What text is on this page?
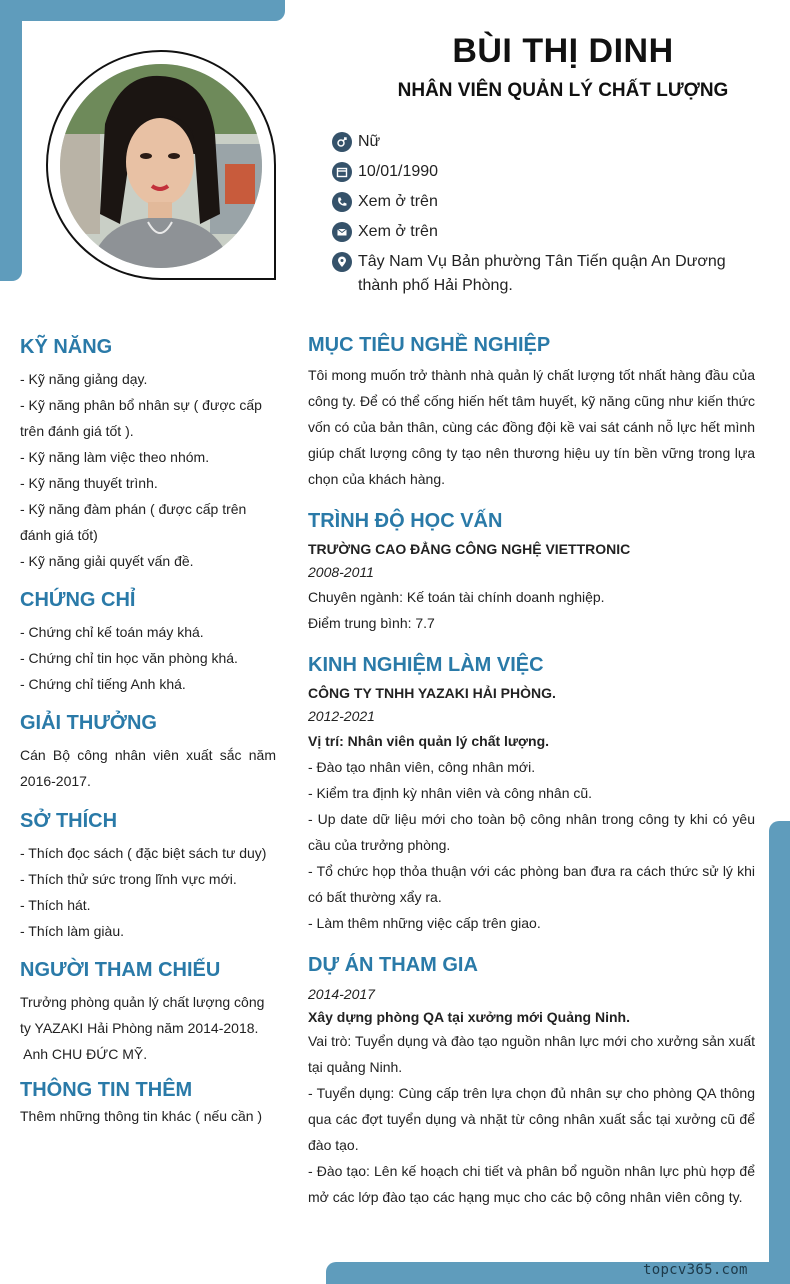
topcv365.com
BÙI THỊ DINH
NHÂN VIÊN QUẢN LÝ CHẤT LƯỢNG
Nữ
10/01/1990
Xem ở trên
Xem ở trên
Tây Nam Vụ Bản phường Tân Tiến quận An Dương thành phố Hải Phòng.
KỸ NĂNG
- Kỹ năng giảng dạy.
- Kỹ năng phân bổ nhân sự ( được cấp trên đánh giá tốt ).
- Kỹ năng làm việc theo nhóm.
- Kỹ năng thuyết trình.
- Kỹ năng đàm phán ( được cấp trên đánh giá tốt)
- Kỹ năng giải quyết vấn đề.
CHỨNG CHỈ
- Chứng chỉ kế toán máy khá.
- Chứng chỉ tin học văn phòng khá.
- Chứng chỉ tiếng Anh khá.
GIẢI THƯỞNG
Cán Bộ công nhân viên xuất sắc năm 2016-2017.
SỞ THÍCH
- Thích đọc sách ( đặc biệt sách tư duy)
- Thích thử sức trong lĩnh vực mới.
- Thích hát.
- Thích làm giàu.
NGƯỜI THAM CHIẾU
Trưởng phòng quản lý chất lượng công ty YAZAKI Hải Phòng năm 2014-2018.
Anh CHU ĐỨC MỸ.
THÔNG TIN THÊM
Thêm những thông tin khác ( nếu cần )
MỤC TIÊU NGHỀ NGHIỆP
Tôi mong muốn trở thành nhà quản lý chất lượng tốt nhất hàng đầu của công ty. Để có thể cống hiến hết tâm huyết, kỹ năng cũng như kiến thức vốn có của bản thân, cùng các đồng đội kề vai sát cánh nỗ lực hết mình giúp chất lượng công ty tạo nên thương hiệu uy tín bền vững trong lựa chọn của khách hàng.
TRÌNH ĐỘ HỌC VẤN
TRƯỜNG CAO ĐẲNG CÔNG NGHỆ VIETTRONIC
2008-2011
Chuyên ngành: Kế toán tài chính doanh nghiệp.
Điểm trung bình: 7.7
KINH NGHIỆM LÀM VIỆC
CÔNG TY TNHH YAZAKI HẢI PHÒNG.
2012-2021
Vị trí: Nhân viên quản lý chất lượng.
- Đào tạo nhân viên, công nhân mới.
- Kiểm tra định kỳ nhân viên và công nhân cũ.
- Up date dữ liệu mới cho toàn bộ công nhân trong công ty khi có yêu cầu của trưởng phòng.
- Tổ chức họp thỏa thuận với các phòng ban đưa ra cách thức sử lý khi có bất thường xẩy ra.
- Làm thêm những việc cấp trên giao.
DỰ ÁN THAM GIA
2014-2017
Xây dựng phòng QA tại xưởng mới Quảng Ninh.
Vai trò: Tuyển dụng và đào tạo nguồn nhân lực mới cho xưởng sản xuất tại quảng Ninh.
- Tuyển dụng: Cùng cấp trên lựa chọn đủ nhân sự cho phòng QA thông qua các đợt tuyển dụng và nhặt từ công nhân xuất sắc tại xưởng cũ để đào tạo.
- Đào tạo: Lên kế hoạch chi tiết và phân bổ nguồn nhân lực phù hợp để mở các lớp đào tạo các hạng mục cho các bộ công nhân viên công ty.
